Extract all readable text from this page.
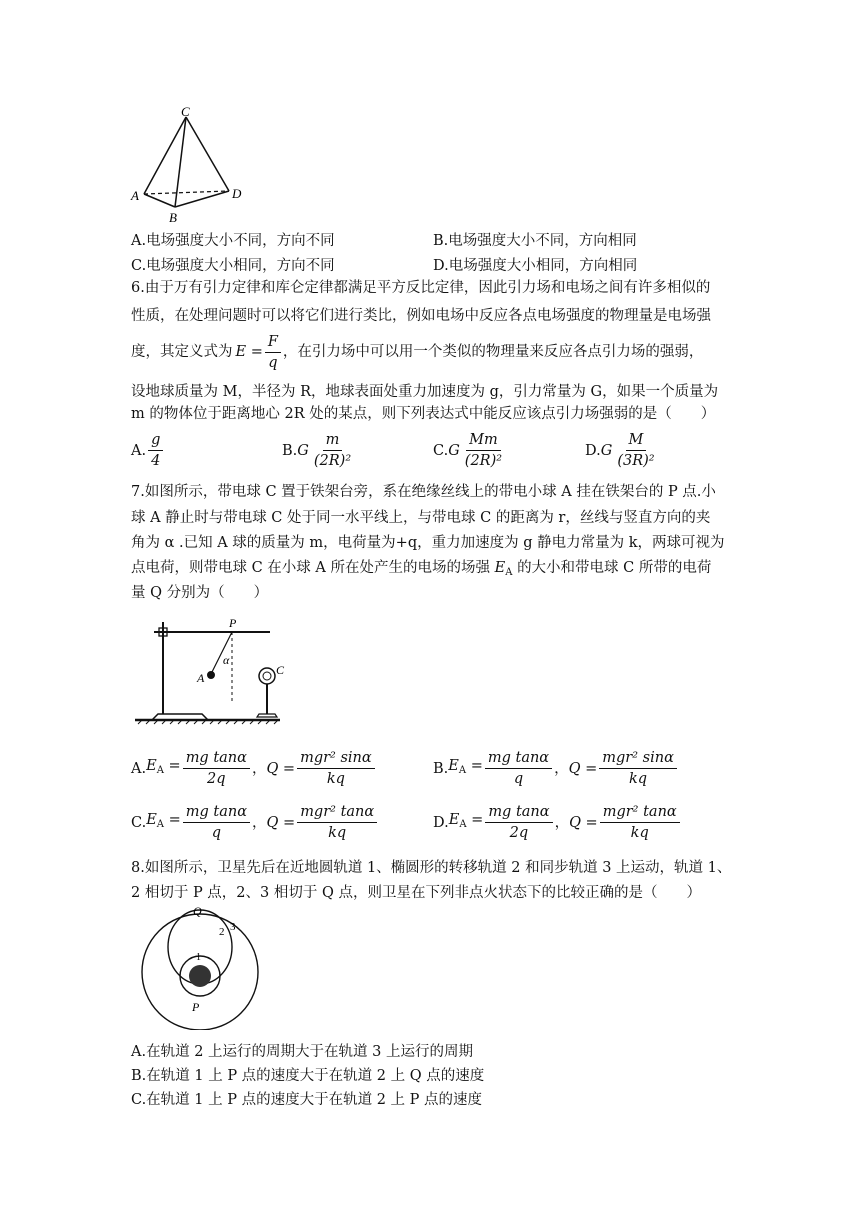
C
A
B
D
A.电场强度大小不同，方向不同	B.电场强度大小不同，方向相同
C.电场强度大小相同，方向不同	D.电场强度大小相同，方向相同
6.由于万有引力定律和库仑定律都满足平方反比定律，因此引力场和电场之间有许多相似的
性质，在处理问题时可以将它们进行类比，例如电场中反应各点电场强度的物理量是电场强
度，其定义式为 $E = \frac{F}{q}$ ，在引力场中可以用一个类似的物理量来反应各点引力场的强弱，
设地球质量为 M，半径为 R，地球表面处重力加速度为 g，引力常量为 G，如果一个质量为
m 的物体位于距离地心 2R 处的某点，则下列表达式中能反应该点引力场强弱的是（　　）
A. $\frac{g}{4}$	B. G $\frac{m}{\text{(2R)²}}$	C. G $\frac{Mm}{\text{(2R)²}}$	D. G $\frac{M}{\text{(3R)²}}$
7.如图所示，带电球 C 置于铁架台旁，系在绝缘丝线上的带电小球 A 挂在铁架台的 P 点.小
球 A 静止时与带电球 C 处于同一水平线上，与带电球 C 的距离为 r，丝线与竖直方向的夹
角为 α .已知 A 球的质量为 m，电荷量为+q，重力加速度为 g 静电力常量为 k，两球可视为
点电荷，则带电球 C 在小球 A 所在处产生的电场的场强 $E_A$ 的大小和带电球 C 所带的电荷
量 Q 分别为（　　）
P
α
A
C
A. $E_A = \frac{\text{mg tanα}}{2q}$ ， $Q = \frac{\text{mgr² sinα}}{kq}$	B. $E_A = \frac{\text{mg tanα}}{q}$ ， $Q = \frac{\text{mgr² sinα}}{kq}$
C. $E_A = \frac{\text{mg tanα}}{q}$ ， $Q = \frac{\text{mgr² tanα}}{kq}$	D. $E_A = \frac{\text{mg tanα}}{2q}$ ， $Q = \frac{\text{mgr² tanα}}{kq}$
8.如图所示，卫星先后在近地圆轨道 1、椭圆形的转移轨道 2 和同步轨道 3 上运动，轨道 1、
2 相切于 P 点，2、3 相切于 Q 点，则卫星在下列非点火状态下的比较正确的是（　　）
Q
3
2
1
P
A.在轨道 2 上运行的周期大于在轨道 3 上运行的周期
B.在轨道 1 上 P 点的速度大于在轨道 2 上 Q 点的速度
C.在轨道 1 上 P 点的速度大于在轨道 2 上 P 点的速度
